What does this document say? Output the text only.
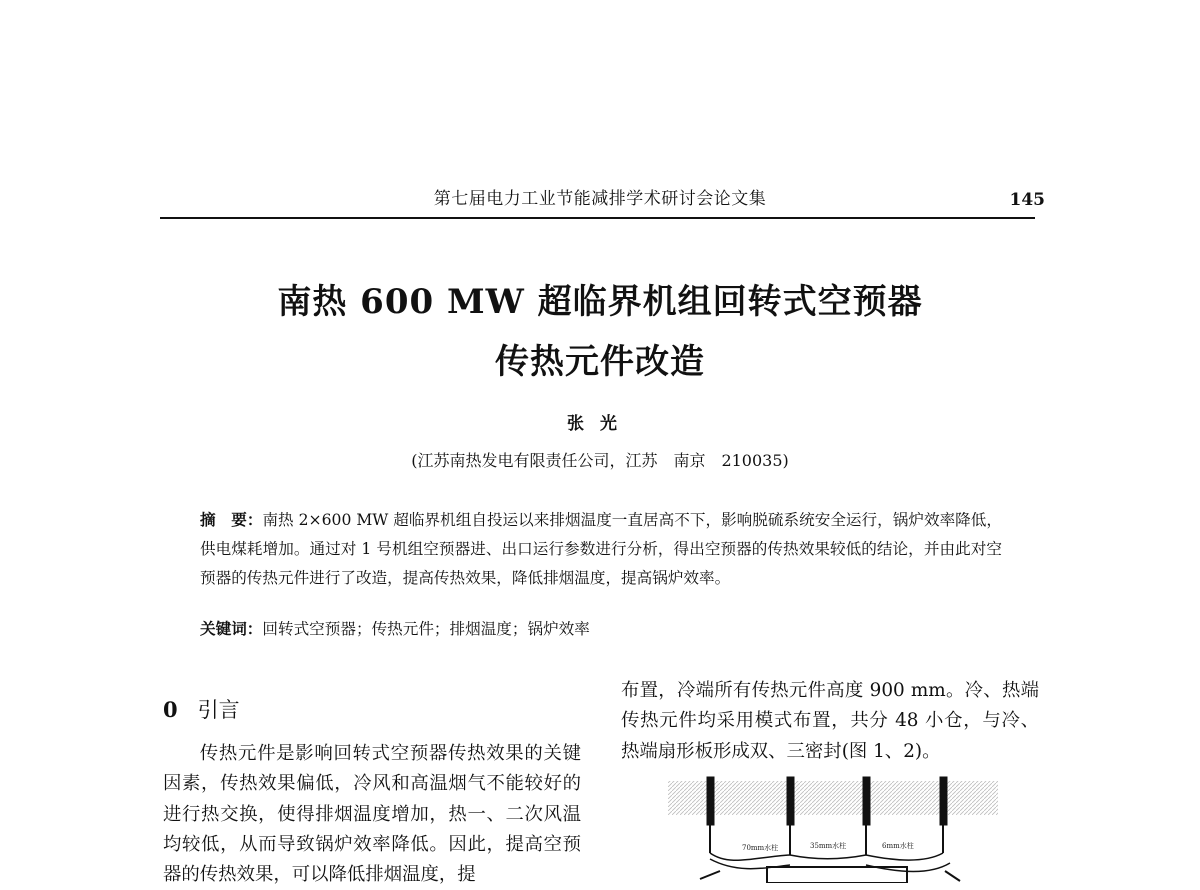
第七届电力工业节能减排学术研讨会论文集	145
南热 600 MW 超临界机组回转式空预器
传热元件改造
张光
(江苏南热发电有限责任公司，江苏　南京　210035)
摘　要：南热 2×600 MW 超临界机组自投运以来排烟温度一直居高不下，影响脱硫系统安全运行，锅炉效率降低，供电煤耗增加。通过对 1 号机组空预器进、出口运行参数进行分析，得出空预器的传热效果较低的结论，并由此对空预器的传热元件进行了改造，提高传热效果，降低排烟温度，提高锅炉效率。
关键词：回转式空预器；传热元件；排烟温度；锅炉效率
0 引言
传热元件是影响回转式空预器传热效果的关键因素，传热效果偏低，冷风和高温烟气不能较好的进行热交换，使得排烟温度增加，热一、二次风温均较低，从而导致锅炉效率降低。因此，提高空预器的传热效果，可以降低排烟温度，提
布置，冷端所有传热元件高度 900 mm。冷、热端传热元件均采用模式布置，共分 48 小仓，与冷、热端扇形板形成双、三密封(图 1、2)。
70mm水柱	35mm水柱	6mm水柱
